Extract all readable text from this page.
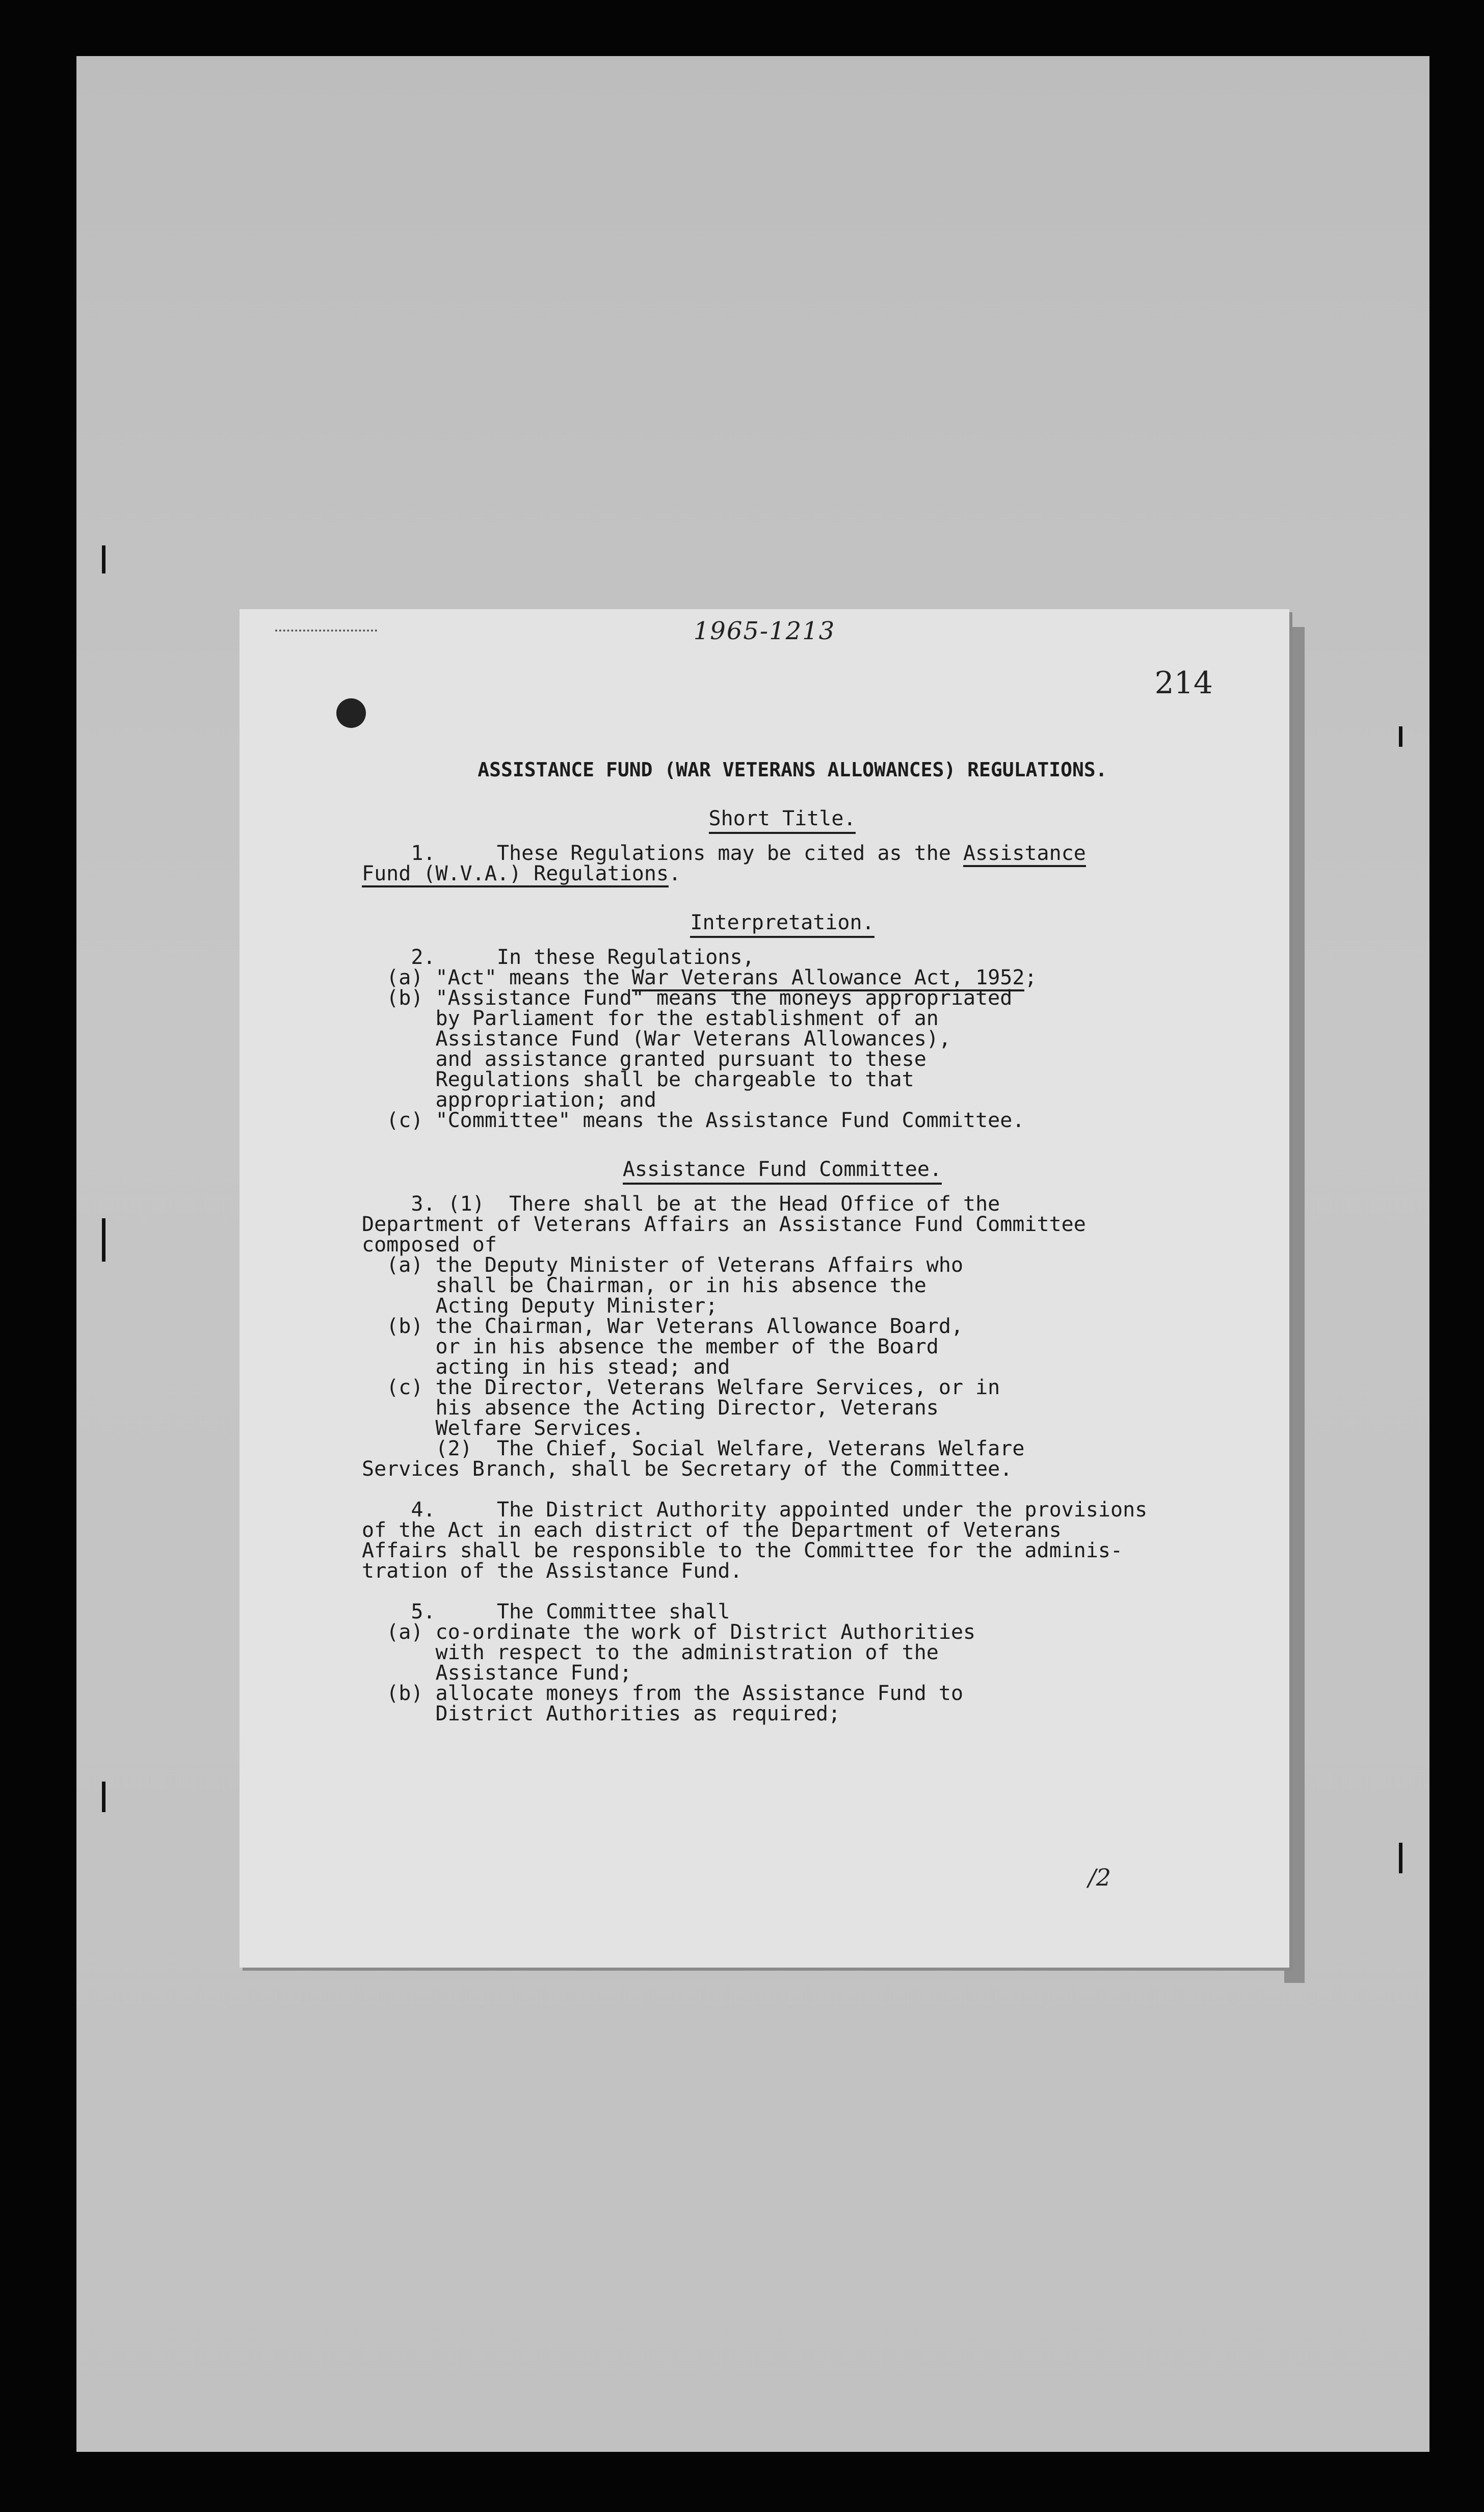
1965-1213
214
ASSISTANCE FUND (WAR VETERANS ALLOWANCES) REGULATIONS.
Short Title.
1.     These Regulations may be cited as the Assistance
Fund (W.V.A.) Regulations.
Interpretation.
2.     In these Regulations,
(a) "Act" means the War Veterans Allowance Act, 1952;
(b) "Assistance Fund" means the moneys appropriated
by Parliament for the establishment of an
Assistance Fund (War Veterans Allowances),
and assistance granted pursuant to these
Regulations shall be chargeable to that
appropriation; and
(c) "Committee" means the Assistance Fund Committee.
Assistance Fund Committee.
3. (1)  There shall be at the Head Office of the
Department of Veterans Affairs an Assistance Fund Committee
composed of
(a) the Deputy Minister of Veterans Affairs who
shall be Chairman, or in his absence the
Acting Deputy Minister;
(b) the Chairman, War Veterans Allowance Board,
or in his absence the member of the Board
acting in his stead; and
(c) the Director, Veterans Welfare Services, or in
his absence the Acting Director, Veterans
Welfare Services.
(2)  The Chief, Social Welfare, Veterans Welfare
Services Branch, shall be Secretary of the Committee.
4.     The District Authority appointed under the provisions
of the Act in each district of the Department of Veterans
Affairs shall be responsible to the Committee for the adminis-
tration of the Assistance Fund.
5.     The Committee shall
(a) co-ordinate the work of District Authorities
with respect to the administration of the
Assistance Fund;
(b) allocate moneys from the Assistance Fund to
District Authorities as required;
/2
